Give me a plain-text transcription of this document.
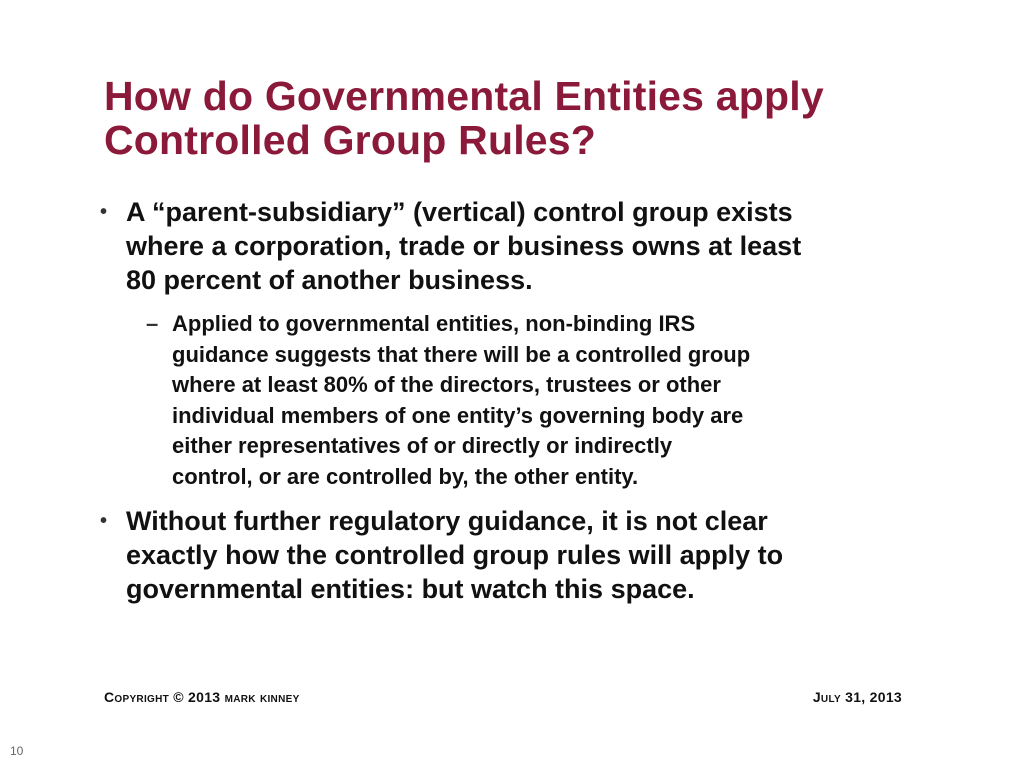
How do Governmental Entities apply
Controlled Group Rules?
• A “parent-subsidiary” (vertical) control group exists
where a corporation, trade or business owns at least
80 percent of another business.
– Applied to governmental entities, non-binding IRS
guidance suggests that there will be a controlled group
where at least 80% of the directors, trustees or other
individual members of one entity’s governing body are
either representatives of or directly or indirectly
control, or are controlled by, the other entity.
• Without further regulatory guidance, it is not clear
exactly how the controlled group rules will apply to
governmental entities: but watch this space.
Copyright © 2013 mark kinney	July 31, 2013
10
